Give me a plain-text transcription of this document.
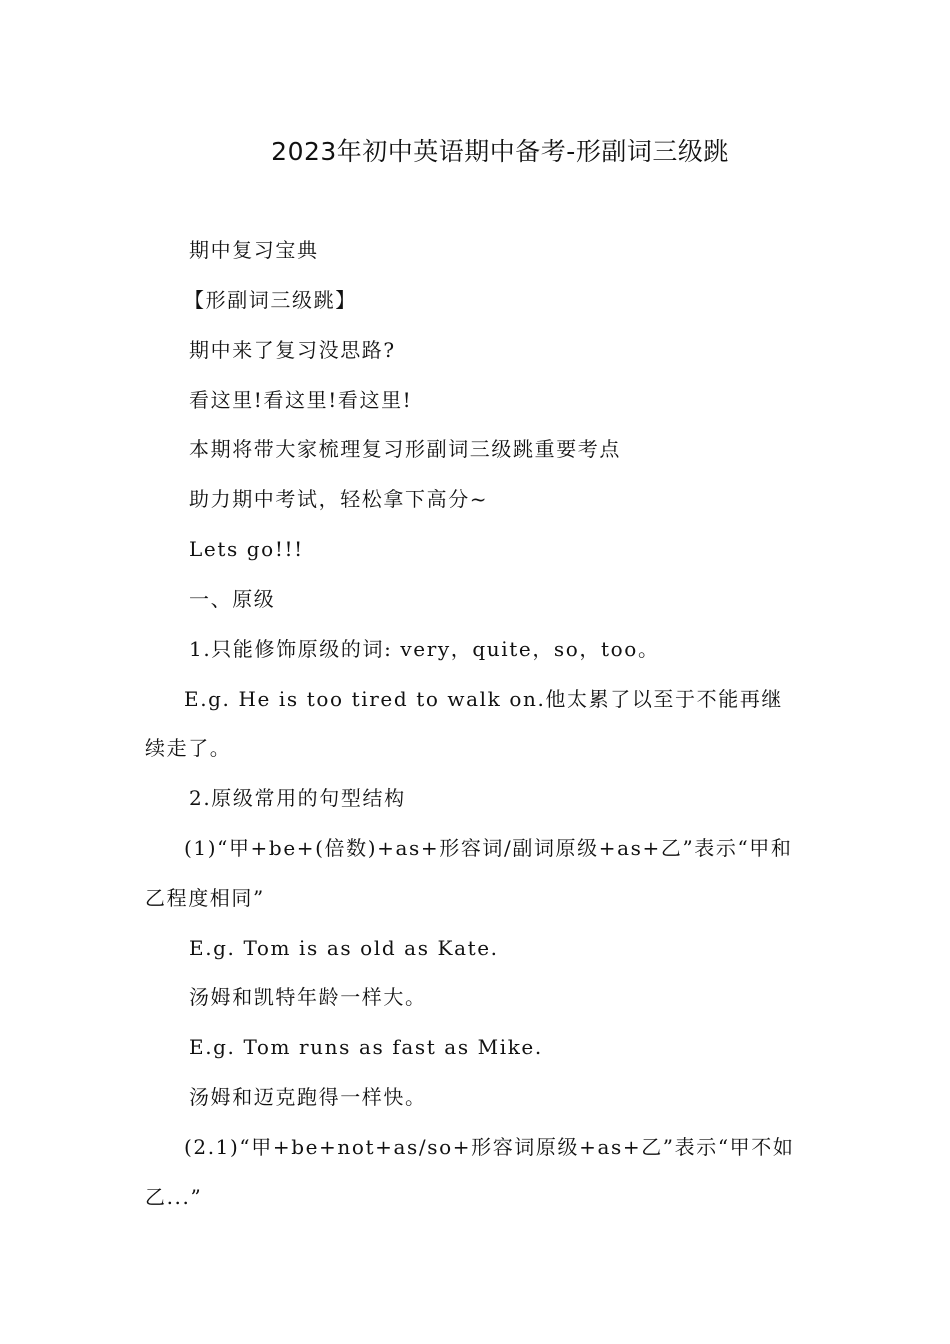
2023年初中英语期中备考-形副词三级跳
期中复习宝典
【形副词三级跳】
期中来了复习没思路?
看这里!看这里!看这里!
本期将带大家梳理复习形副词三级跳重要考点
助力期中考试，轻松拿下高分~
Lets go!!!
一、原级
1.只能修饰原级的词: very，quite，so，too。
E.g. He is too tired to walk on.他太累了以至于不能再继
续走了。
2.原级常用的句型结构
(1)“甲+be+(倍数)+as+形容词/副词原级+as+乙”表示“甲和
乙程度相同”
E.g. Tom is as old as Kate.
汤姆和凯特年龄一样大。
E.g. Tom runs as fast as Mike.
汤姆和迈克跑得一样快。
(2.1)“甲+be+not+as/so+形容词原级+as+乙”表示“甲不如
乙...”
